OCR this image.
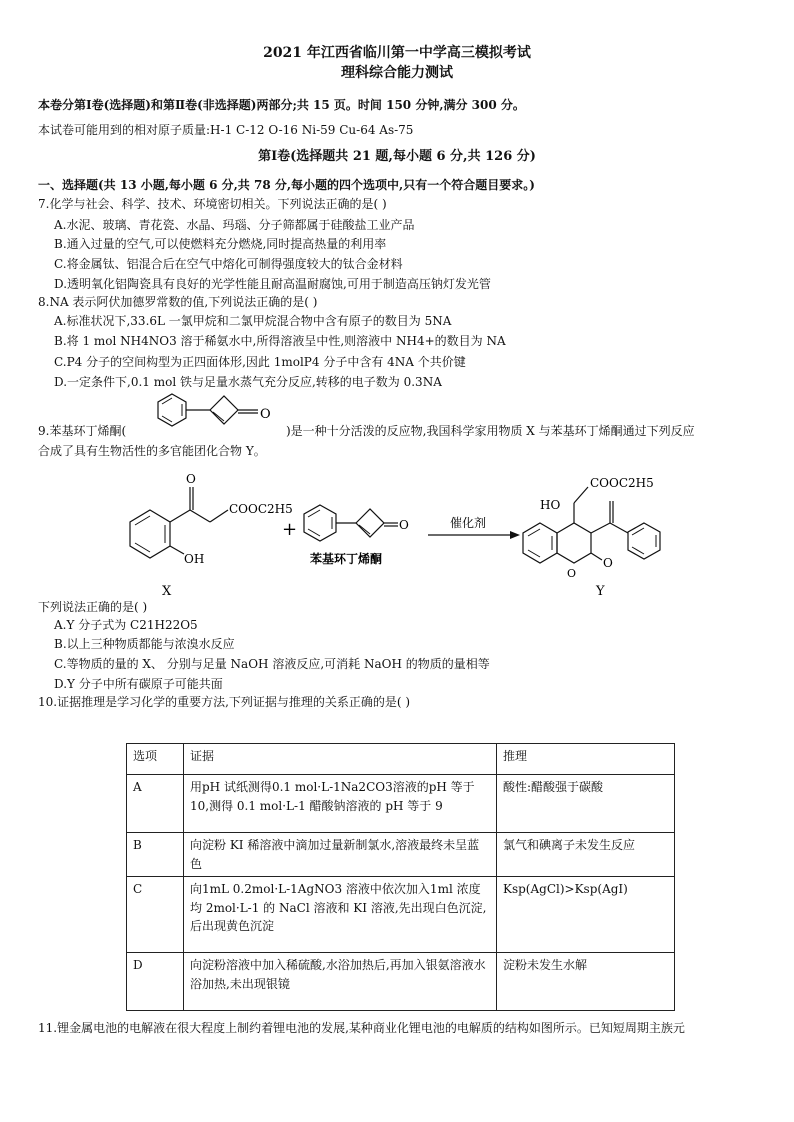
2021 年江西省临川第一中学高三模拟考试
理科综合能力测试
本卷分第Ⅰ卷(选择题)和第Ⅱ卷(非选择题)两部分;共 15 页。时间 150 分钟,满分 300 分。
本试卷可能用到的相对原子质量:H-1 C-12 O-16 Ni-59 Cu-64 As-75
第Ⅰ卷(选择题共 21 题,每小题 6 分,共 126 分)
一、选择题(共 13 小题,每小题 6 分,共 78 分,每小题的四个选项中,只有一个符合题目要求。)
7.化学与社会、科学、技术、环境密切相关。下列说法正确的是( )
A.水泥、玻璃、青花瓷、水晶、玛瑙、分子筛都属于硅酸盐工业产品
B.通入过量的空气,可以使燃料充分燃烧,同时提高热量的利用率
C.将金属钛、铝混合后在空气中熔化可制得强度较大的钛合金材料
D.透明氧化铝陶瓷具有良好的光学性能且耐高温耐腐蚀,可用于制造高压钠灯发光管
8.NA 表示阿伏加德罗常数的值,下列说法正确的是( )
A.标准状况下,33.6L 一氯甲烷和二氯甲烷混合物中含有原子的数目为 5NA
B.将 1 mol NH4NO3 溶于稀氨水中,所得溶液呈中性,则溶液中 NH4+的数目为 NA
C.P4 分子的空间构型为正四面体形,因此 1molP4 分子中含有 4NA 个共价键
D.一定条件下,0.1 mol 铁与足量水蒸气充分反应,转移的电子数为 0.3NA
O
9.苯基环丁烯酮(	)是一种十分活泼的反应物,我国科学家用物质 X 与苯基环丁烯酮通过下列反应
合成了具有生物活性的多官能团化合物 Y。
O
COOC2H5
OH
X
+	O
苯基环丁烯酮
催化剂
O
O
HO
COOC2H5
Y
下列说法正确的是( )
A.Y 分子式为 C21H22O5
B.以上三种物质都能与浓溴水反应
C.等物质的量的 X、 分别与足量 NaOH 溶液反应,可消耗 NaOH 的物质的量相等
D.Y 分子中所有碳原子可能共面
10.证据推理是学习化学的重要方法,下列证据与推理的关系正确的是( )
选项	证据	推理
A	用pH 试纸测得0.1 mol·L-1Na2CO3溶液的pH 等于10,测得 0.1 mol·L-1 醋酸钠溶液的 pH 等于 9	酸性:醋酸强于碳酸
B	向淀粉 KI 稀溶液中滴加过量新制氯水,溶液最终未呈蓝色	氯气和碘离子未发生反应
C	向1mL 0.2mol·L-1AgNO3 溶液中依次加入1ml 浓度均 2mol·L-1 的 NaCl 溶液和 KI 溶液,先出现白色沉淀,后出现黄色沉淀	Ksp(AgCl)>Ksp(AgI)
D	向淀粉溶液中加入稀硫酸,水浴加热后,再加入银氨溶液水浴加热,未出现银镜	淀粉未发生水解
11.锂金属电池的电解液在很大程度上制约着锂电池的发展,某种商业化锂电池的电解质的结构如图所示。已知短周期主族元
